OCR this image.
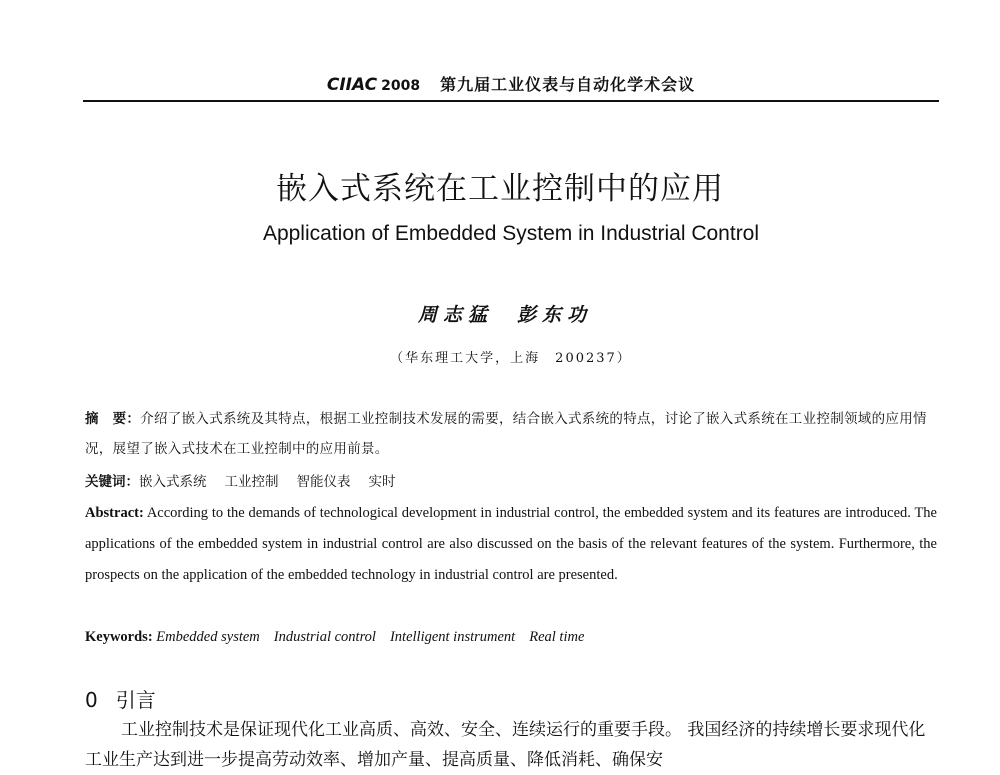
CIIAC 2008 第九届工业仪表与自动化学术会议
嵌入式系统在工业控制中的应用
Application of Embedded System in Industrial Control
周志猛 彭东功
（华东理工大学，上海　200237）
摘　要：介绍了嵌入式系统及其特点，根据工业控制技术发展的需要，结合嵌入式系统的特点，讨论了嵌入式系统在工业控制领域的应用情况，展望了嵌入式技术在工业控制中的应用前景。
关键词：嵌入式系统 工业控制 智能仪表 实时
Abstract: According to the demands of technological development in industrial control, the embedded system and its features are introduced. The applications of the embedded system in industrial control are also discussed on the basis of the relevant features of the system. Furthermore, the prospects on the application of the embedded technology in industrial control are presented.
Keywords: Embedded system Industrial control Intelligent instrument Real time
0 引言
工业控制技术是保证现代化工业高质、高效、安全、连续运行的重要手段。 我国经济的持续增长要求现代化工业生产达到进一步提高劳动效率、增加产量、提高质量、降低消耗、确保安
